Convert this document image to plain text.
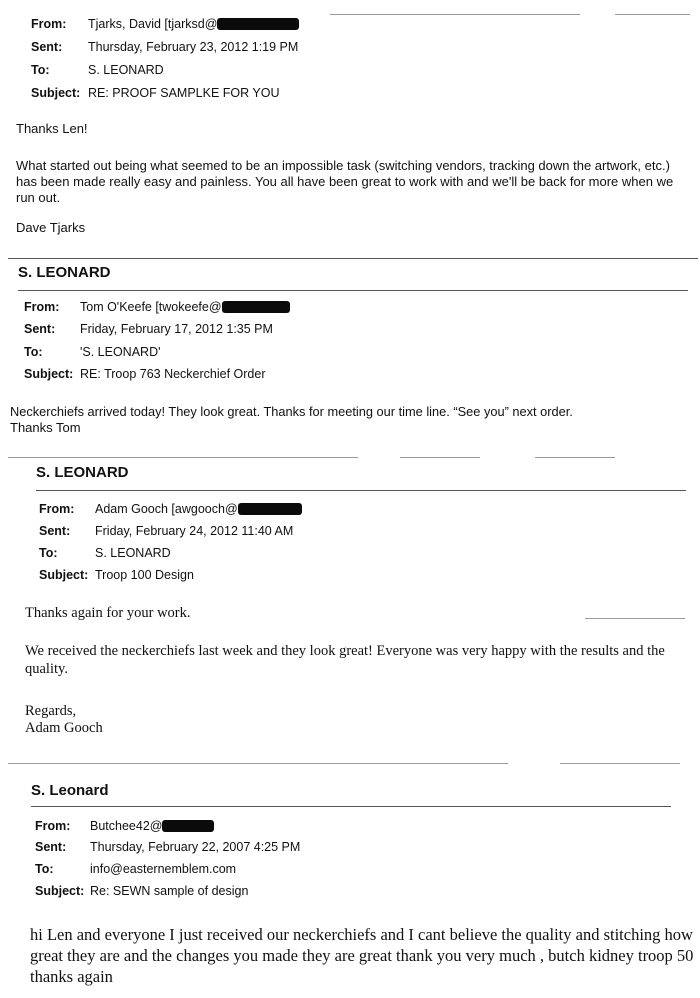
From: Tjarks, David [tjarksd@
Sent: Thursday, February 23, 2012 1:19 PM
To:	S. LEONARD
Subject: RE: PROOF SAMPLKE FOR YOU
Thanks Len!
What started out being what seemed to be an impossible task (switching vendors, tracking down the artwork, etc.) has been made really easy and painless. You all have been great to work with and we'll be back for more when we run out.
Dave Tjarks
S. LEONARD
From: Tom O'Keefe [twokeefe@
Sent: Friday, February 17, 2012 1:35 PM
To:	'S. LEONARD'
Subject: RE: Troop 763 Neckerchief Order
Neckerchiefs arrived today! They look great. Thanks for meeting our time line. “See you” next order.
Thanks Tom
S. LEONARD
From: Adam Gooch [awgooch@
Sent: Friday, February 24, 2012 11:40 AM
To:	S. LEONARD
Subject: Troop 100 Design
Thanks again for your work.
We received the neckerchiefs last week and they look great! Everyone was very happy with the results and the quality.
Regards,
Adam Gooch
S. Leonard
From: Butchee42@
Sent: Thursday, February 22, 2007 4:25 PM
To:	info@easternemblem.com
Subject: Re: SEWN sample of design
hi Len and everyone I just received our neckerchiefs and I cant believe the quality and stitching how great they are and the changes you made they are great thank you very much , butch kidney troop 50 thanks again
